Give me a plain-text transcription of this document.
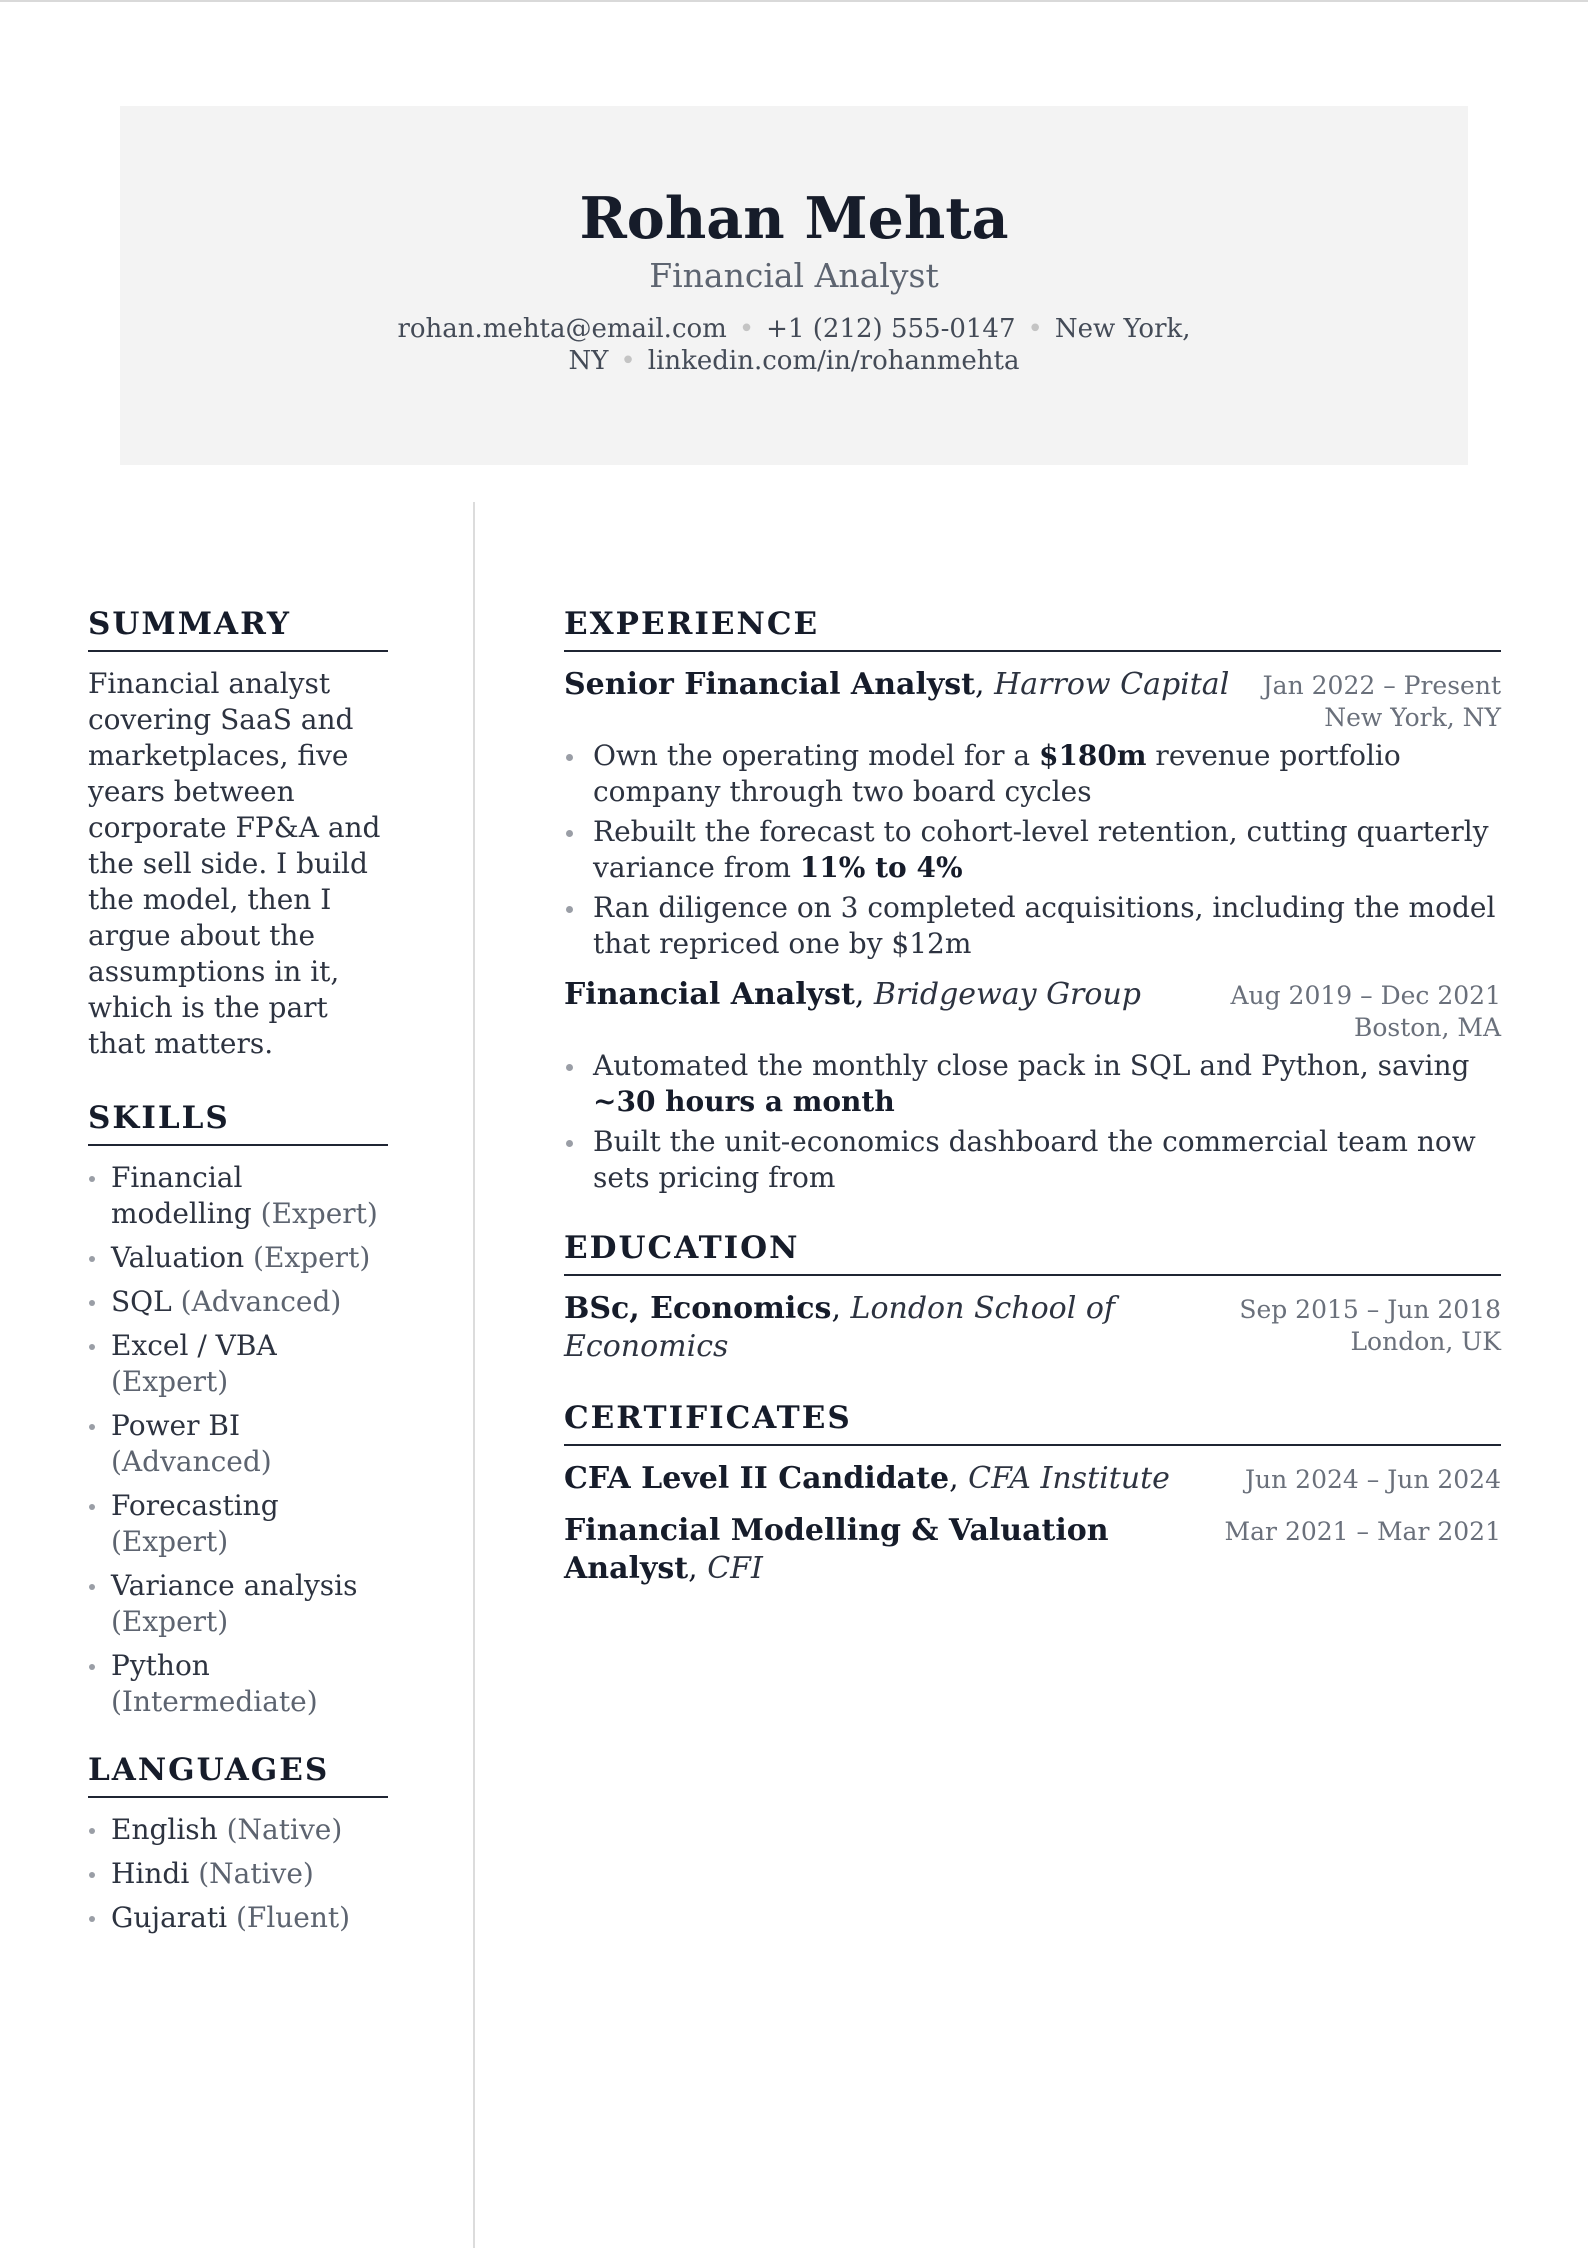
Rohan Mehta
Financial Analyst
rohan.mehta@email.com • +1 (212) 555-0147 • New York, NY • linkedin.com/in/rohanmehta
SUMMARY

Financial analyst covering SaaS and marketplaces, five years between corporate FP&A and the sell side. I build the model, then I argue about the assumptions in it, which is the part that matters.

SKILLS
Financial modelling (Expert)
Valuation (Expert)
SQL (Advanced)
Excel / VBA (Expert)
Power BI (Advanced)
Forecasting (Expert)
Variance analysis (Expert)
Python (Intermediate)
LANGUAGES
English (Native)
Hindi (Native)
Gujarati (Fluent)
EXPERIENCE
Senior Financial Analyst, Harrow Capital Jan 2022 – Present
New York, NY
Own the operating model for a $180m revenue portfolio company through two board cycles
Rebuilt the forecast to cohort-level retention, cutting quarterly variance from 11% to 4%
Ran diligence on 3 completed acquisitions, including the model that repriced one by $12m
Financial Analyst, Bridgeway Group	Aug 2019 – Dec 2021
Boston, MA
Automated the monthly close pack in SQL and Python, saving ~30 hours a month
Built the unit-economics dashboard the commercial team now sets pricing from
EDUCATION
BSc, Economics, London School of Economics
Sep 2015 – Jun 2018
London, UK
CERTIFICATES
CFA Level II Candidate, CFA Institute	Jun 2024 – Jun 2024
Financial Modelling & Valuation Analyst, CFI
Mar 2021 – Mar 2021
